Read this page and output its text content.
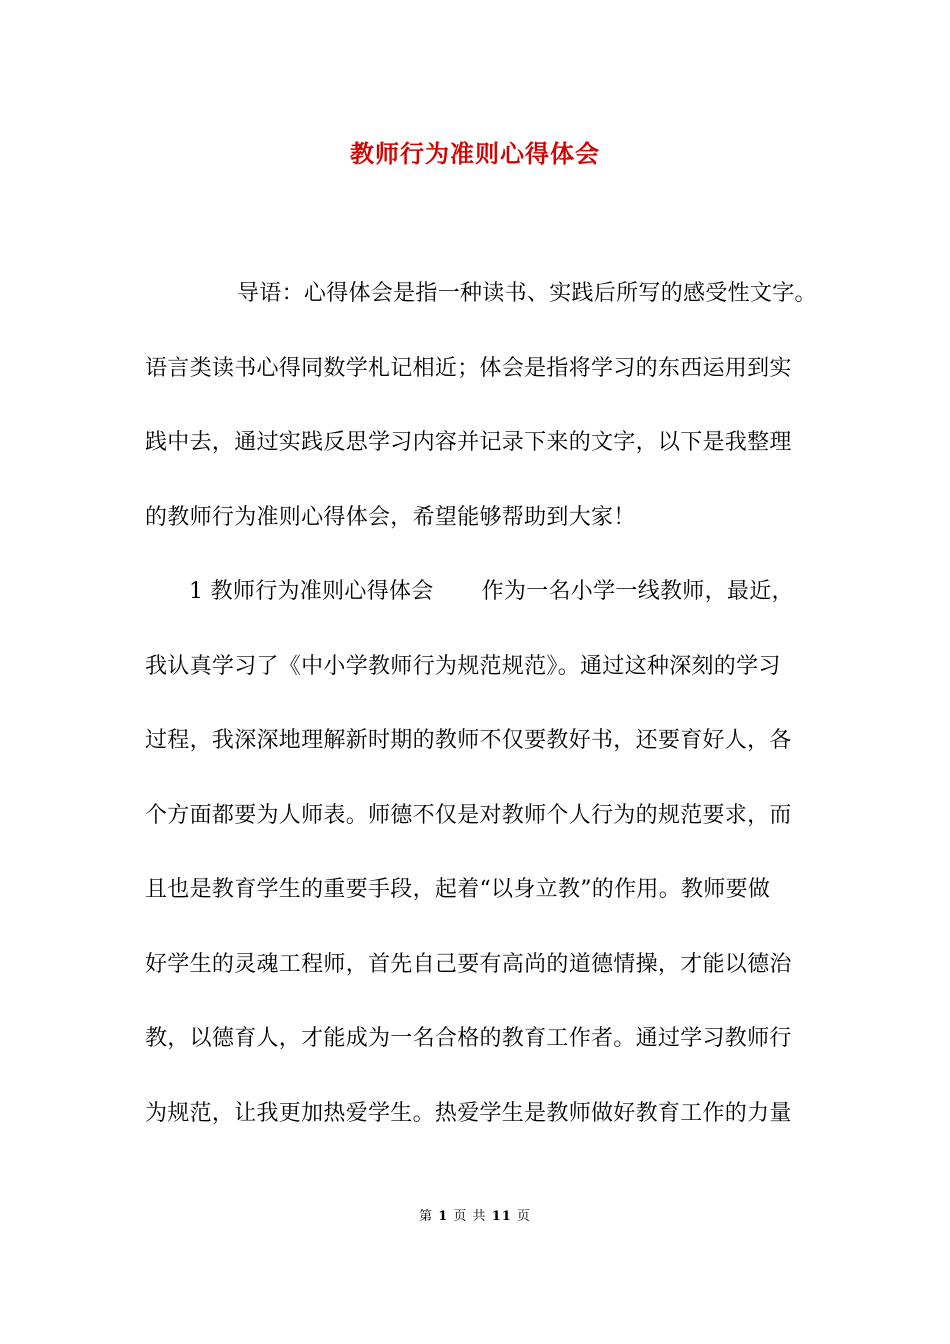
教师行为准则心得体会
导语：心得体会是指一种读书、实践后所写的感受性文字。
语言类读书心得同数学札记相近；体会是指将学习的东西运用到实
践中去，通过实践反思学习内容并记录下来的文字，以下是我整理
的教师行为准则心得体会，希望能够帮助到大家！
1 教师行为准则心得体会 作为一名小学一线教师，最近，
我认真学习了《中小学教师行为规范规范》。通过这种深刻的学习
过程，我深深地理解新时期的教师不仅要教好书，还要育好人，各
个方面都要为人师表。师德不仅是对教师个人行为的规范要求，而
且也是教育学生的重要手段，起着“以身立教”的作用。教师要做
好学生的灵魂工程师，首先自己要有高尚的道德情操，才能以德治
教，以德育人，才能成为一名合格的教育工作者。通过学习教师行
为规范，让我更加热爱学生。热爱学生是教师做好教育工作的力量
第 1 页 共 11 页
